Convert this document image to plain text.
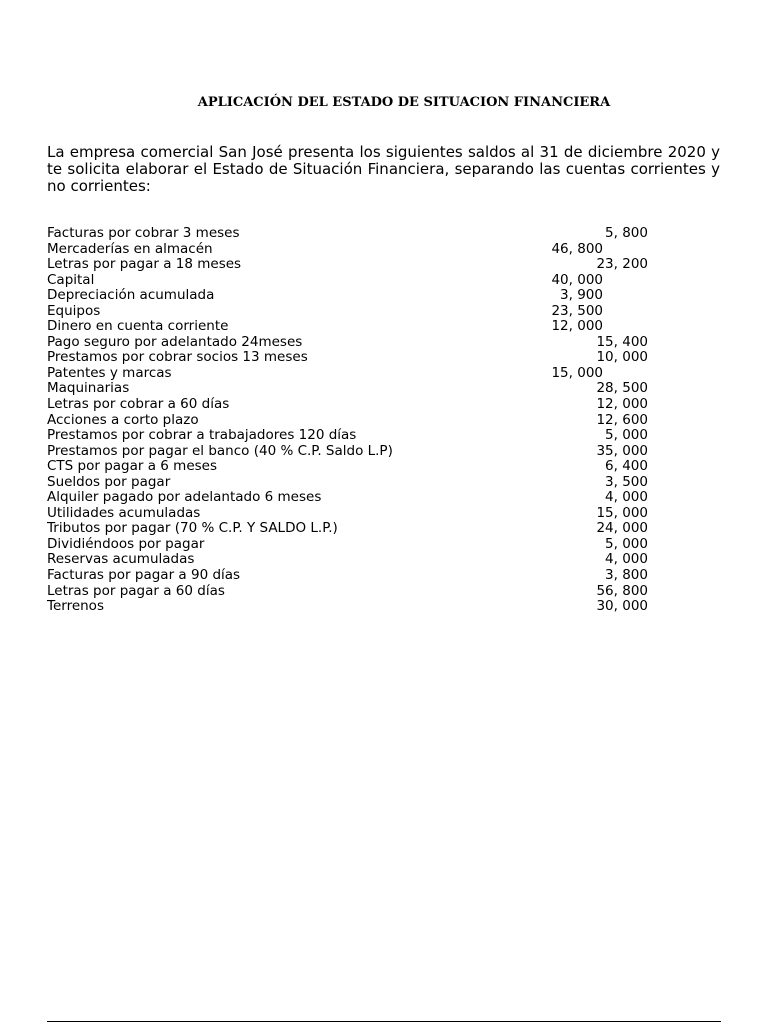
APLICACIÓN DEL ESTADO DE SITUACION FINANCIERA

La empresa comercial San José presenta los siguientes saldos al 31 de diciembre 2020 y te solicita elaborar el Estado de Situación Financiera, separando las cuentas corrientes y no corrientes:

Facturas por cobrar 3 meses	5, 800
Mercaderías en almacén	46, 800
Letras por pagar a 18 meses	23, 200
Capital	40, 000
Depreciación acumulada	3, 900
Equipos	23, 500
Dinero en cuenta corriente	12, 000
Pago seguro por adelantado 24meses	15, 400
Prestamos por cobrar socios 13 meses	10, 000
Patentes y marcas	15, 000
Maquinarias	28, 500
Letras por cobrar a 60 días	12, 000
Acciones a corto plazo	12, 600
Prestamos por cobrar a trabajadores 120 días	5, 000
Prestamos por pagar el banco (40 % C.P. Saldo L.P)	35, 000
CTS por pagar a 6 meses	6, 400
Sueldos por pagar	3, 500
Alquiler pagado por adelantado 6 meses	4, 000
Utilidades acumuladas	15, 000
Tributos por pagar (70 % C.P. Y SALDO L.P.)	24, 000
Dividiéndoos por pagar	5, 000
Reservas acumuladas	4, 000
Facturas por pagar a 90 días	3, 800
Letras por pagar a 60 días	56, 800
Terrenos	30, 000
